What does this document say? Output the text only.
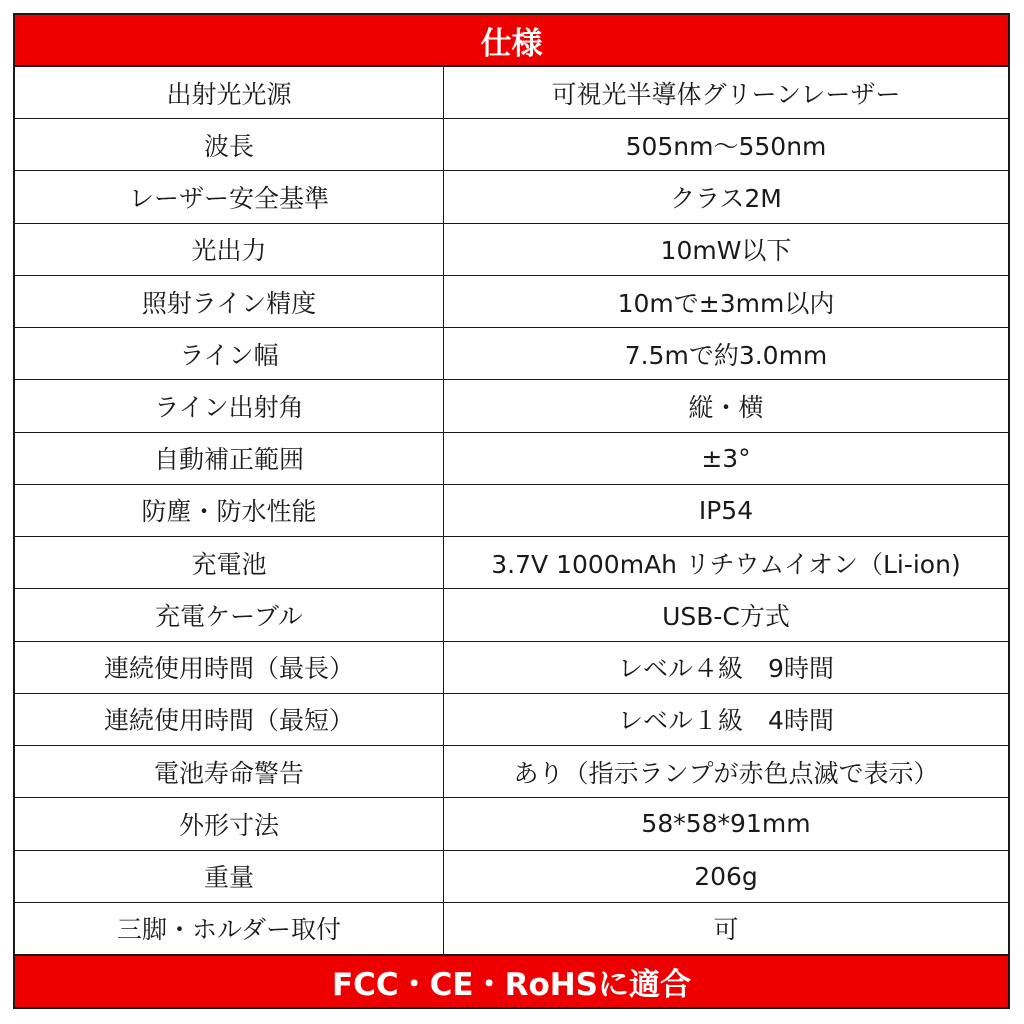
仕様
出射光光源	可視光半導体グリーンレーザー
波長	505nm〜550nm
レーザー安全基準	クラス2M
光出力	10mW以下
照射ライン精度	10mで±3mm以内
ライン幅	7.5mで約3.0mm
ライン出射角	縦・横
自動補正範囲	±3°
防塵・防水性能	IP54
充電池	3.7V 1000mAh リチウムイオン（Li-ion)
充電ケーブル	USB-C方式
連続使用時間（最長）	レベル４級　9時間
連続使用時間（最短）	レベル１級　4時間
電池寿命警告	あり（指示ランプが赤色点滅で表示）
外形寸法	58*58*91mm
重量	206g
三脚・ホルダー取付	可
FCC・CE・RoHSに適合
